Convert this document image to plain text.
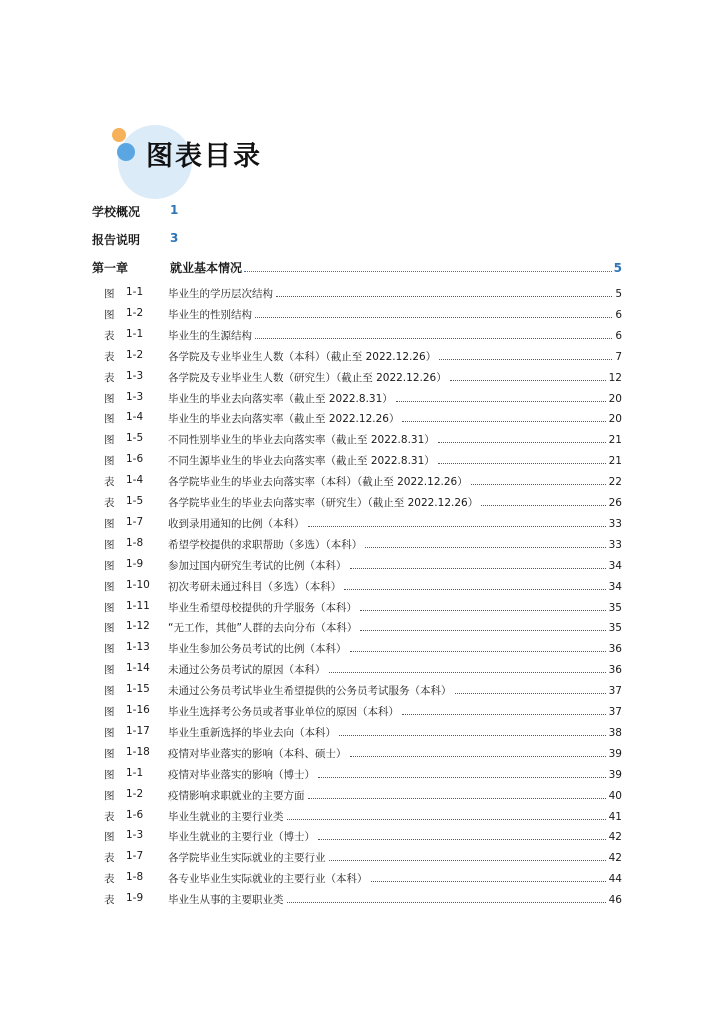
图表目录
学校概况 1
报告说明 3
第一章	就业基本情况	5
图 1-1 毕业生的学历层次结构	5
图 1-2 毕业生的性别结构	6
表 1-1 毕业生的生源结构	6
表 1-2 各学院及专业毕业生人数（本科）（截止至 2022.12.26）	7
表 1-3 各学院及专业毕业生人数（研究生）（截止至 2022.12.26）	12
图 1-3 毕业生的毕业去向落实率（截止至 2022.8.31）	20
图 1-4 毕业生的毕业去向落实率（截止至 2022.12.26）	20
图 1-5 不同性别毕业生的毕业去向落实率（截止至 2022.8.31）	21
图 1-6 不同生源毕业生的毕业去向落实率（截止至 2022.8.31）	21
表 1-4 各学院毕业生的毕业去向落实率（本科）（截止至 2022.12.26）	22
表 1-5 各学院毕业生的毕业去向落实率（研究生）（截止至 2022.12.26）	26
图 1-7 收到录用通知的比例（本科）	33
图 1-8 希望学校提供的求职帮助（多选）（本科）	33
图 1-9 参加过国内研究生考试的比例（本科）	34
图 1-10 初次考研未通过科目（多选）（本科）	34
图 1-11 毕业生希望母校提供的升学服务（本科）	35
图 1-12 “无工作，其他”人群的去向分布（本科）	35
图 1-13 毕业生参加公务员考试的比例（本科）	36
图 1-14 未通过公务员考试的原因（本科）	36
图 1-15 未通过公务员考试毕业生希望提供的公务员考试服务（本科）	37
图 1-16 毕业生选择考公务员或者事业单位的原因（本科）	37
图 1-17 毕业生重新选择的毕业去向（本科）	38
图 1-18 疫情对毕业落实的影响（本科、硕士）	39
图 1-1 疫情对毕业落实的影响（博士）	39
图 1-2 疫情影响求职就业的主要方面	40
表 1-6 毕业生就业的主要行业类	41
图 1-3 毕业生就业的主要行业（博士）	42
表 1-7 各学院毕业生实际就业的主要行业	42
表 1-8 各专业毕业生实际就业的主要行业（本科）	44
表 1-9 毕业生从事的主要职业类	46
